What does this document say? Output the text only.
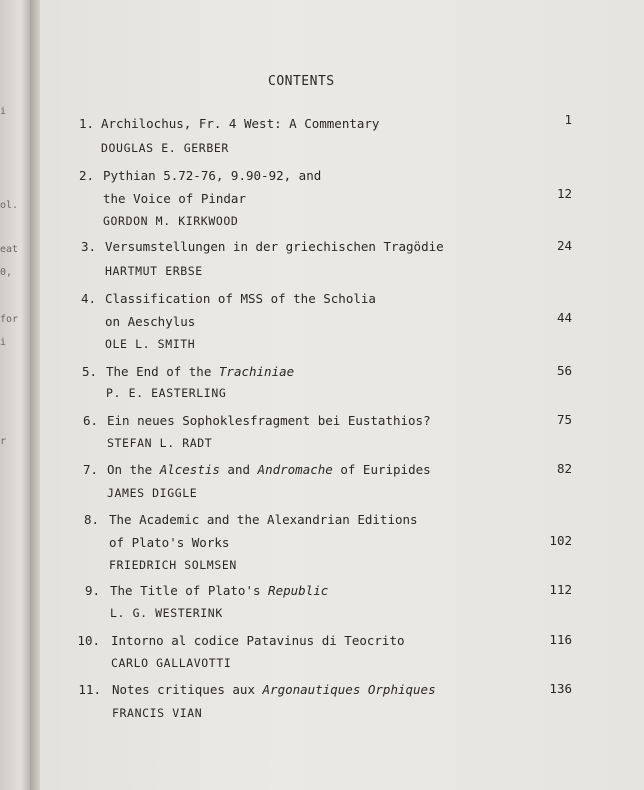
i
ol.
eat
0,
for
i
r
CONTENTS
1. Archilochus, Fr. 4 West: A Commentary
DOUGLAS E. GERBER
1
2. Pythian 5.72-76, 9.90-92, and
the Voice of Pindar
GORDON M. KIRKWOOD
12
3. Versumstellungen in der griechischen Tragödie
HARTMUT ERBSE
24
4. Classification of MSS of the Scholia
on Aeschylus
OLE L. SMITH
44
5. The End of the Trachiniae
P. E. EASTERLING
56
6. Ein neues Sophoklesfragment bei Eustathios?
STEFAN L. RADT
75
7. On the Alcestis and Andromache of Euripides
JAMES DIGGLE
82
8. The Academic and the Alexandrian Editions
of Plato's Works
FRIEDRICH SOLMSEN
102
9. The Title of Plato's Republic
L. G. WESTERINK
112
10. Intorno al codice Patavinus di Teocrito
CARLO GALLAVOTTI
116
11. Notes critiques aux Argonautiques Orphiques
FRANCIS VIAN
136
